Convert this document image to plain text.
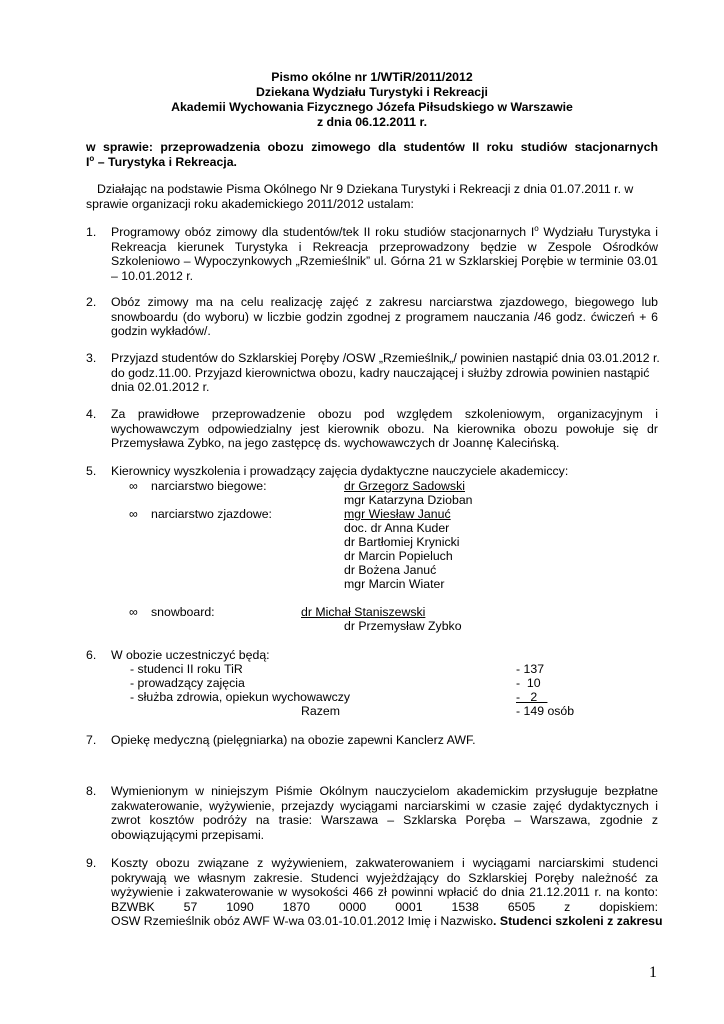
Pismo okólne nr 1/WTiR/2011/2012
Dziekana Wydziału Turystyki i Rekreacji
Akademii Wychowania Fizycznego Józefa Piłsudskiego w Warszawie
z dnia 06.12.2011 r.
w sprawie: przeprowadzenia obozu zimowego dla studentów II roku studiów stacjonarnych
$I^o$ – Turystyka i Rekreacja.
Działając na podstawie Pisma Okólnego Nr 9 Dziekana Turystyki i Rekreacji z dnia 01.07.2011 r. w
sprawie organizacji roku akademickiego 2011/2012 ustalam:
1. Programowy obóz zimowy dla studentów/tek II roku studiów stacjonarnych $I^o$ Wydziału Turystyka i
Rekreacja kierunek Turystyka i Rekreacja przeprowadzony będzie w Zespole Ośrodków
Szkoleniowo – Wypoczynkowych „Rzemieślnik” ul. Górna 21 w Szklarskiej Porębie w terminie 03.01
– 10.01.2012 r.
2. Obóz zimowy ma na celu realizację zajęć z zakresu narciarstwa zjazdowego, biegowego lub
snowboardu (do wyboru) w liczbie godzin zgodnej z programem nauczania /46 godz. ćwiczeń + 6
godzin wykładów/.
3. Przyjazd studentów do Szklarskiej Poręby /OSW „Rzemieślnik„/ powinien nastąpić dnia 03.01.2012 r.
do godz.11.00. Przyjazd kierownictwa obozu, kadry nauczającej i służby zdrowia powinien nastąpić
dnia 02.01.2012 r.
4. Za prawidłowe przeprowadzenie obozu pod względem szkoleniowym, organizacyjnym i
wychowawczym odpowiedzialny jest kierownik obozu. Na kierownika obozu powołuje się dr
Przemysława Zybko, na jego zastępcę ds. wychowawczych dr Joannę Kalecińską.
5. Kierownicy wyszkolenia i prowadzący zajęcia dydaktyczne nauczyciele akademiccy:
∞ narciarstwo biegowe:	dr Grzegorz Sadowski
mgr Katarzyna Dzioban
∞ narciarstwo zjazdowe:	mgr Wiesław Januć
doc. dr Anna Kuder
dr Bartłomiej Krynicki
dr Marcin Popieluch
dr Bożena Januć
mgr Marcin Wiater
∞ snowboard:	dr Michał Staniszewski
dr Przemysław Zybko
6. W obozie uczestniczyć będą:
- studenci II roku TiR	- 137
- prowadzący zajęcia	-  10
- służba zdrowia, opiekun wychowawczy	-   2
Razem	- 149 osób
7. Opiekę medyczną (pielęgniarka) na obozie zapewni Kanclerz AWF.
8. Wymienionym w niniejszym Piśmie Okólnym nauczycielom akademickim przysługuje bezpłatne
zakwaterowanie, wyżywienie, przejazdy wyciągami narciarskimi w czasie zajęć dydaktycznych i
zwrot kosztów podróży na trasie: Warszawa – Szklarska Poręba – Warszawa, zgodnie z
obowiązującymi przepisami.
9. Koszty obozu związane z wyżywieniem, zakwaterowaniem i wyciągami narciarskimi studenci
pokrywają we własnym zakresie. Studenci wyjeżdżający do Szklarskiej Poręby należność za
wyżywienie i zakwaterowanie w wysokości 466 zł powinni wpłacić do dnia 21.12.2011 r. na konto:
BZWBK 57 1090 1870 0000 0001 1538 6505 z dopiskiem:
OSW Rzemieślnik obóz AWF W-wa 03.01-10.01.2012 Imię i Nazwisko. Studenci szkoleni z zakresu
1
